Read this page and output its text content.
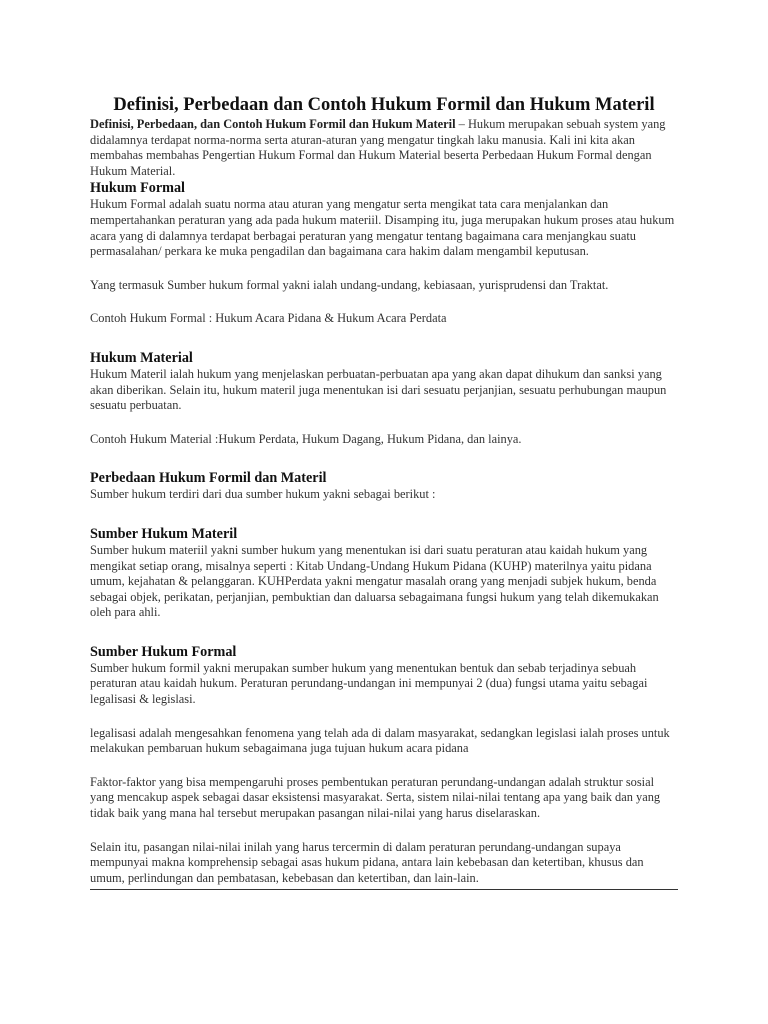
Definisi, Perbedaan dan Contoh Hukum Formil dan Hukum Materil

Definisi, Perbedaan, dan Contoh Hukum Formil dan Hukum Materil – Hukum merupakan sebuah system yang didalamnya terdapat norma-norma serta aturan-aturan yang mengatur tingkah laku manusia. Kali ini kita akan membahas membahas Pengertian Hukum Formal dan Hukum Material beserta Perbedaan Hukum Formal dengan Hukum Material.

Hukum Formal

Hukum Formal adalah suatu norma atau aturan yang mengatur serta mengikat tata cara menjalankan dan mempertahankan peraturan yang ada pada hukum materiil. Disamping itu, juga merupakan hukum proses atau hukum acara yang di dalamnya terdapat berbagai peraturan yang mengatur tentang bagaimana cara menjangkau suatu permasalahan/ perkara ke muka pengadilan dan bagaimana cara hakim dalam mengambil keputusan.

Yang termasuk Sumber hukum formal yakni ialah undang-undang, kebiasaan, yurisprudensi dan Traktat.

Contoh Hukum Formal : Hukum Acara Pidana & Hukum Acara Perdata

Hukum Material

Hukum Materil ialah hukum yang menjelaskan perbuatan-perbuatan apa yang akan dapat dihukum dan sanksi yang akan diberikan. Selain itu, hukum materil juga menentukan isi dari sesuatu perjanjian, sesuatu perhubungan maupun sesuatu perbuatan.

Contoh Hukum Material :Hukum Perdata, Hukum Dagang, Hukum Pidana, dan lainya.

Perbedaan Hukum Formil dan Materil

Sumber hukum terdiri dari dua sumber hukum yakni sebagai berikut :

Sumber Hukum Materil

Sumber hukum materiil yakni sumber hukum yang menentukan isi dari suatu peraturan atau kaidah hukum yang mengikat setiap orang, misalnya seperti : Kitab Undang-Undang Hukum Pidana (KUHP) materilnya yaitu pidana umum, kejahatan & pelanggaran. KUHPerdata yakni mengatur masalah orang yang menjadi subjek hukum, benda sebagai objek, perikatan, perjanjian, pembuktian dan daluarsa sebagaimana fungsi hukum yang telah dikemukakan oleh para ahli.

Sumber Hukum Formal

Sumber hukum formil yakni merupakan sumber hukum yang menentukan bentuk dan sebab terjadinya sebuah peraturan atau kaidah hukum. Peraturan perundang-undangan ini mempunyai 2 (dua) fungsi utama yaitu sebagai legalisasi & legislasi.

legalisasi adalah mengesahkan fenomena yang telah ada di dalam masyarakat, sedangkan legislasi ialah proses untuk melakukan pembaruan hukum sebagaimana juga tujuan hukum acara pidana

Faktor-faktor yang bisa mempengaruhi proses pembentukan peraturan perundang-undangan adalah struktur sosial yang mencakup aspek sebagai dasar eksistensi masyarakat. Serta, sistem nilai-nilai tentang apa yang baik dan yang tidak baik yang mana hal tersebut merupakan pasangan nilai-nilai yang harus diselaraskan.

Selain itu, pasangan nilai-nilai inilah yang harus tercermin di dalam peraturan perundang-undangan supaya mempunyai makna komprehensip sebagai asas hukum pidana, antara lain kebebasan dan ketertiban, khusus dan umum, perlindungan dan pembatasan, kebebasan dan ketertiban, dan lain-lain.
